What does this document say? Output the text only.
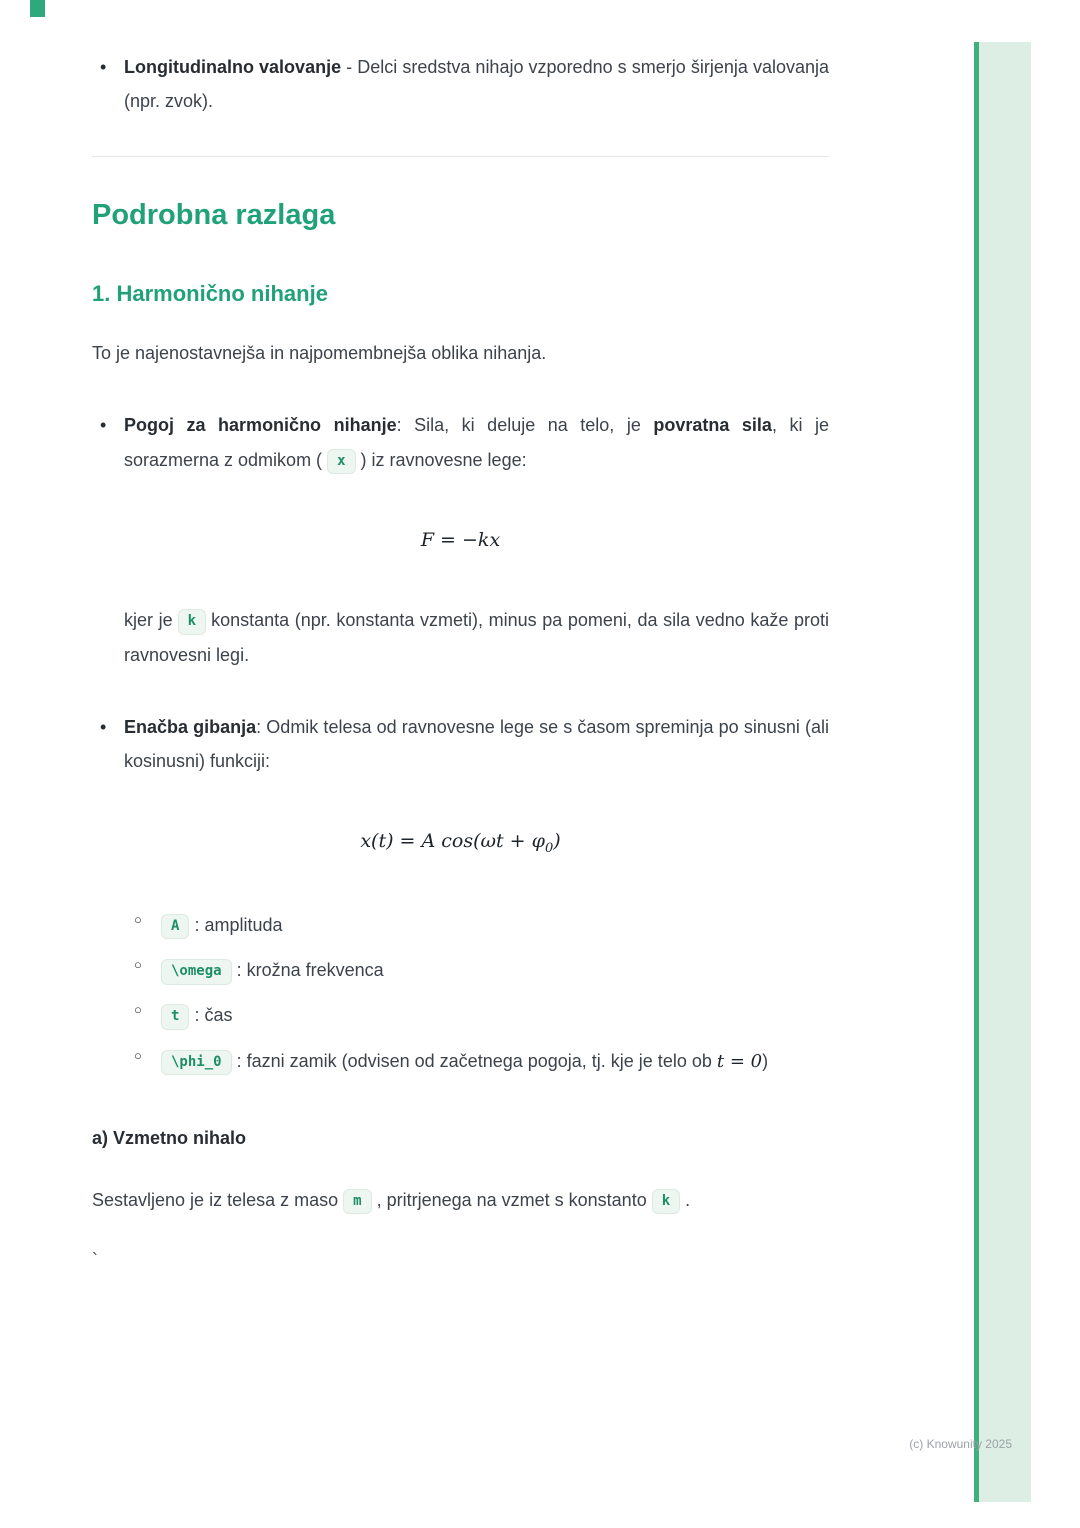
• Longitudinalno valovanje - Delci sredstva nihajo vzporedno s smerjo širjenja valovanja (npr. zvok).
Podrobna razlaga
1. Harmonično nihanje

To je najenostavnejša in najpomembnejša oblika nihanja.

• Pogoj za harmonično nihanje: Sila, ki deluje na telo, je povratna sila, ki je sorazmerna z odmikom ( x ) iz ravnovesne lege:
F = −kx
kjer je k konstanta (npr. konstanta vzmeti), minus pa pomeni, da sila vedno kaže proti ravnovesni legi.
• Enačba gibanja: Odmik telesa od ravnovesne lege se s časom spreminja po sinusni (ali kosinusni) funkciji:
x(t) = A $\cos(\omega t + \varphi_0)$
○	A : amplituda
○	\omega : krožna frekvenca
○	t : čas
○	\phi_0 : fazni zamik (odvisen od začetnega pogoja, tj. kje je telo ob t = 0)
a) Vzmetno nihalo

Sestavljeno je iz telesa z maso m , pritrjenega na vzmet s konstanto k .

`

(c) Knowunity 2025
